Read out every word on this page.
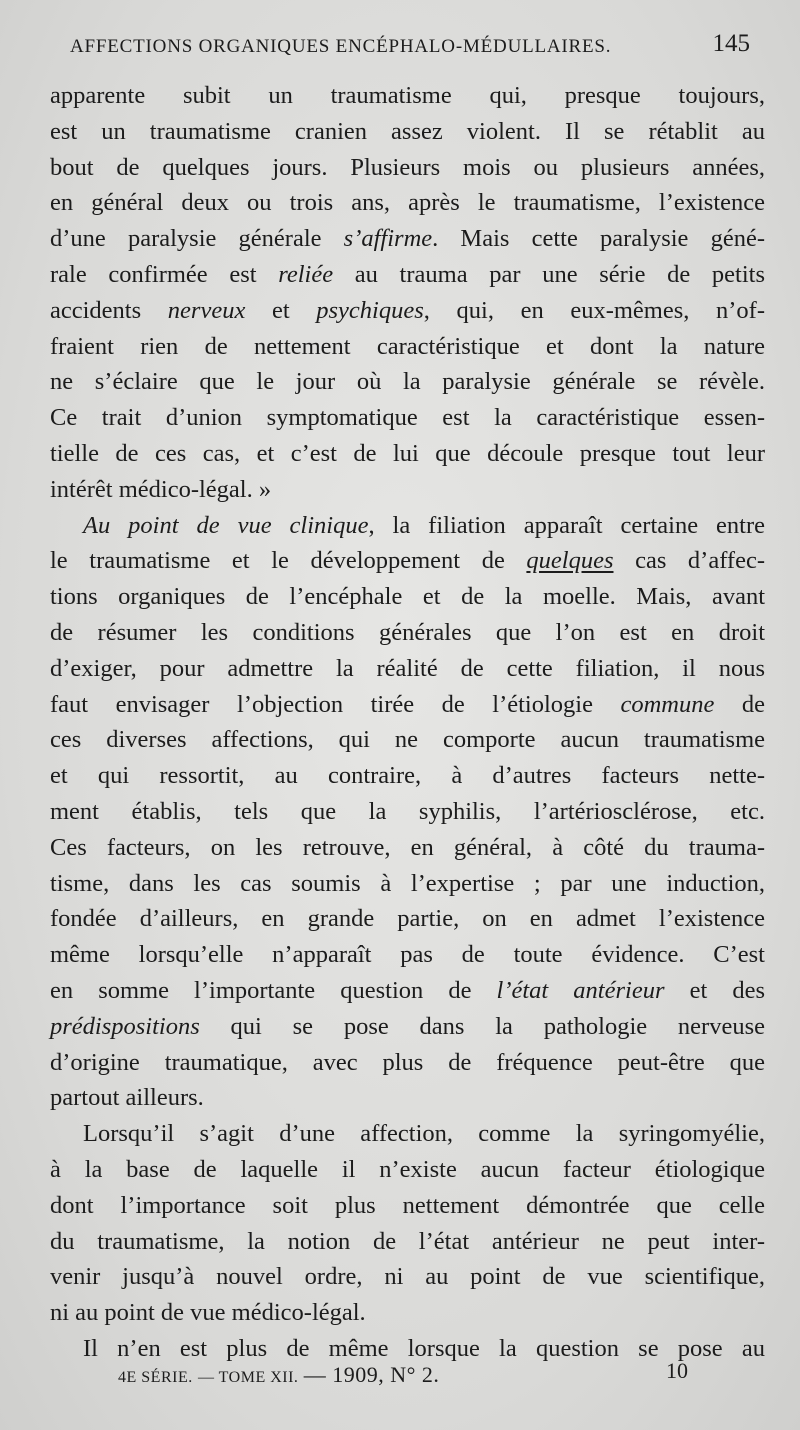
AFFECTIONS ORGANIQUES ENCÉPHALO-MÉDULLAIRES.	145

apparente subit un traumatisme qui, presque toujours,
est un traumatisme cranien assez violent. Il se rétablit au
bout de quelques jours. Plusieurs mois ou plusieurs années,
en général deux ou trois ans, après le traumatisme, l’existence
d’une paralysie générale s’affirme. Mais cette paralysie géné-
rale confirmée est reliée au trauma par une série de petits
accidents nerveux et psychiques, qui, en eux-mêmes, n’of-
fraient rien de nettement caractéristique et dont la nature
ne s’éclaire que le jour où la paralysie générale se révèle.
Ce trait d’union symptomatique est la caractéristique essen-
tielle de ces cas, et c’est de lui que découle presque tout leur
intérêt médico-légal. »

Au point de vue clinique, la filiation apparaît certaine entre
le traumatisme et le développement de quelques cas d’affec-
tions organiques de l’encéphale et de la moelle. Mais, avant
de résumer les conditions générales que l’on est en droit
d’exiger, pour admettre la réalité de cette filiation, il nous
faut envisager l’objection tirée de l’étiologie commune de
ces diverses affections, qui ne comporte aucun traumatisme
et qui ressortit, au contraire, à d’autres facteurs nette-
ment établis, tels que la syphilis, l’artériosclérose, etc.
Ces facteurs, on les retrouve, en général, à côté du trauma-
tisme, dans les cas soumis à l’expertise ; par une induction,
fondée d’ailleurs, en grande partie, on en admet l’existence
même lorsqu’elle n’apparaît pas de toute évidence. C’est
en somme l’importante question de l’état antérieur et des
prédispositions qui se pose dans la pathologie nerveuse
d’origine traumatique, avec plus de fréquence peut-être que
partout ailleurs.

Lorsqu’il s’agit d’une affection, comme la syringomyélie,
à la base de laquelle il n’existe aucun facteur étiologique
dont l’importance soit plus nettement démontrée que celle
du traumatisme, la notion de l’état antérieur ne peut inter-
venir jusqu’à nouvel ordre, ni au point de vue scientifique,
ni au point de vue médico-légal.

Il n’en est plus de même lorsque la question se pose au

4E SÉRIE. — TOME XII. — 1909, N° 2.	10
